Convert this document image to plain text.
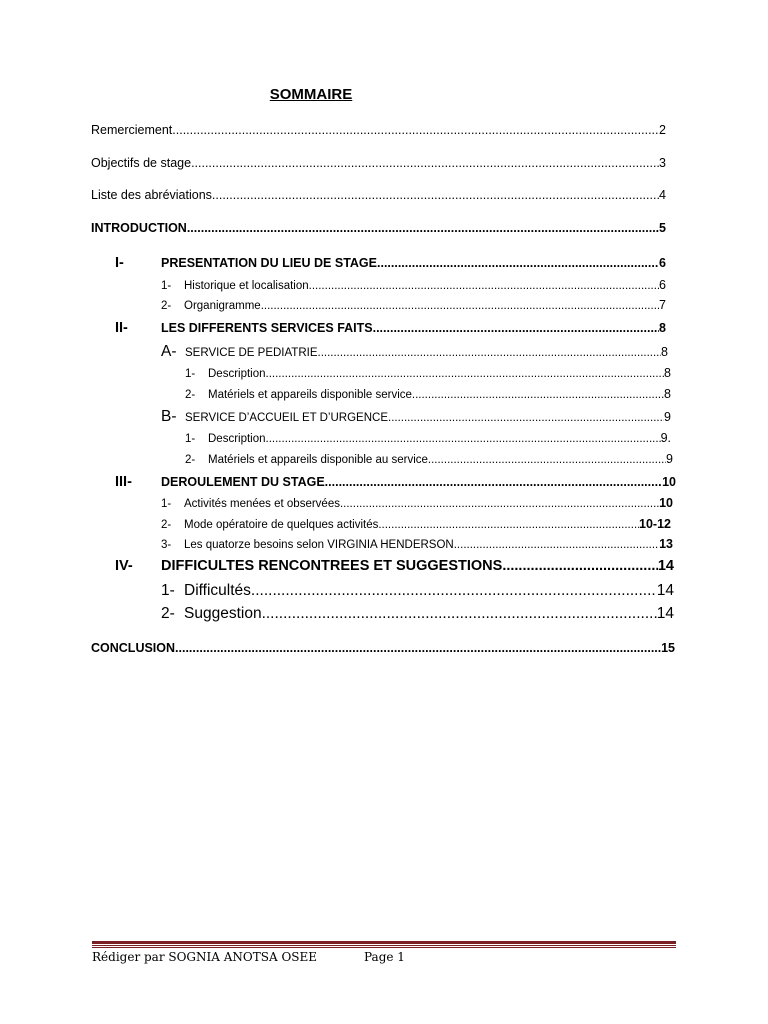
SOMMAIRE
Remerciement .....	2
Objectifs de stage .....	3
Liste des abréviations .....	4
INTRODUCTION .....	5
I-	PRESENTATION DU LIEU DE STAGE .....	6
1-	Historique et localisation .....	6
2-	Organigramme .....	7
II-	LES DIFFERENTS SERVICES FAITS .....	8
A- SERVICE DE PEDIATRIE .....	8
1-	Description .....	8
2-	Matériels et appareils disponible service .....	8
B- SERVICE D’ACCUEIL ET D’URGENCE .....	9
1-	Description .....	9.
2-	Matériels et appareils disponible au service .....	9
III-	DEROULEMENT DU STAGE .....	10
1-	Activités menées et observées .....	10
2-	Mode opératoire de quelques activités .....	10-12
3-	Les quatorze besoins selon VIRGINIA HENDERSON .....	13
IV-	DIFFICULTES RENCONTREES ET SUGGESTIONS .....	14
1- Difficultés .....	14
2- Suggestion .....	14
CONCLUSION .....	15
Rédiger par SOGNIA ANOTSA OSEE	Page 1
